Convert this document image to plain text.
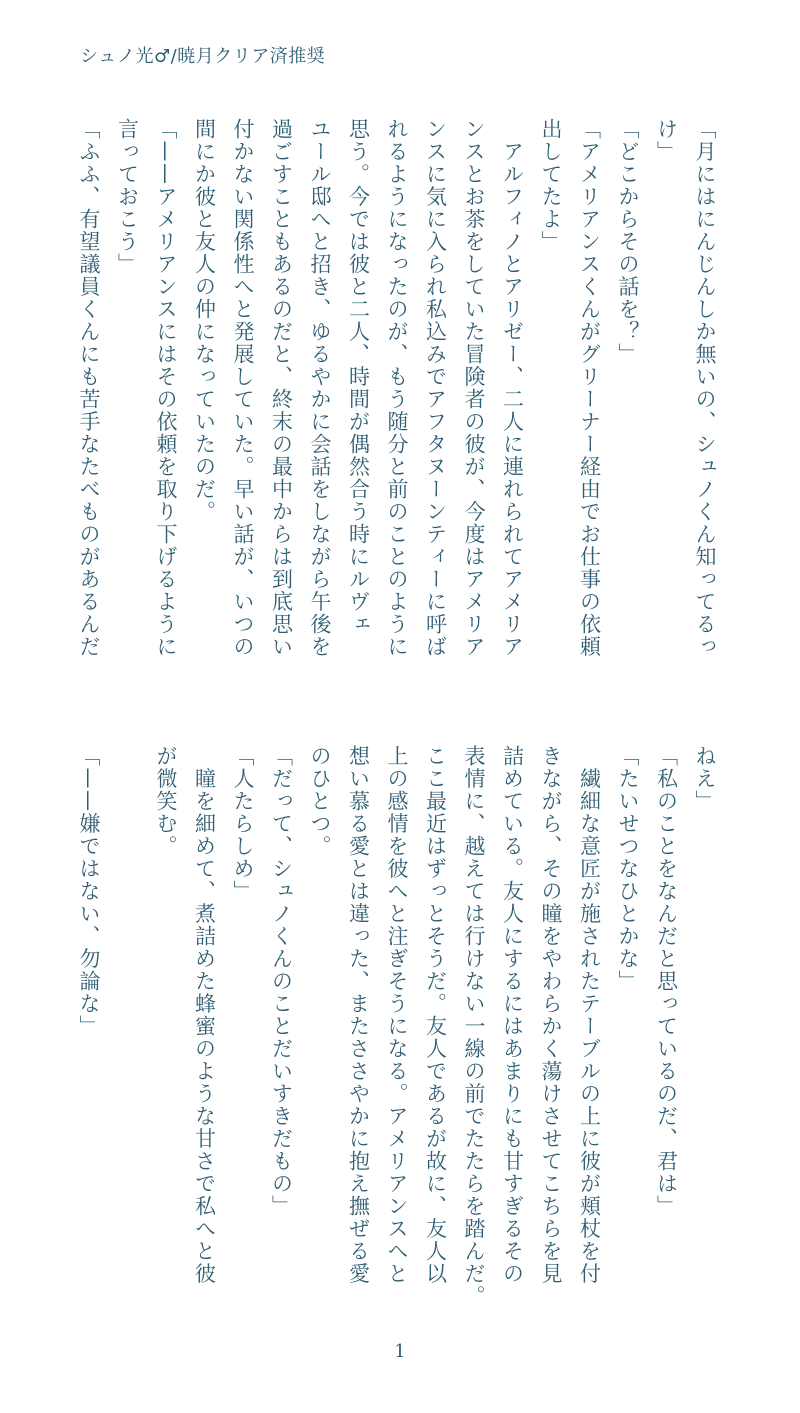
シュノ光♂/暁月クリア済推奨
「月にはにんじんしか無いの、シュノくん知ってるっ
け」
「どこからその話を？」
「アメリアンスくんがグリーナー経由でお仕事の依頼
出してたよ」
　アルフィノとアリゼー、二人に連れられてアメリア
ンスとお茶をしていた冒険者の彼が、今度はアメリア
ンスに気に入られ私込みでアフタヌーンティーに呼ば
れるようになったのが、もう随分と前のことのように
思う。今では彼と二人、時間が偶然合う時にルヴェ
ユール邸へと招き、ゆるやかに会話をしながら午後を
過ごすこともあるのだと、終末の最中からは到底思い
付かない関係性へと発展していた。早い話が、いつの
間にか彼と友人の仲になっていたのだ。
「——アメリアンスにはその依頼を取り下げるように
言っておこう」
「ふふ、有望議員くんにも苦手なたべものがあるんだ
ねえ」
「私のことをなんだと思っているのだ、君は」
「たいせつなひとかな」
　繊細な意匠が施されたテーブルの上に彼が頬杖を付
きながら、その瞳をやわらかく蕩けさせてこちらを見
詰めている。友人にするにはあまりにも甘すぎるその
表情に、越えては行けない一線の前でたたらを踏んだ。
ここ最近はずっとそうだ。友人であるが故に、友人以
上の感情を彼へと注ぎそうになる。アメリアンスへと
想い慕る愛とは違った、またささやかに抱え撫ぜる愛
のひとつ。
「だって、シュノくんのことだいすきだもの」
「人たらしめ」
　瞳を細めて、煮詰めた蜂蜜のような甘さで私へと彼
が微笑む。
「——嫌ではない、勿論な」
1
